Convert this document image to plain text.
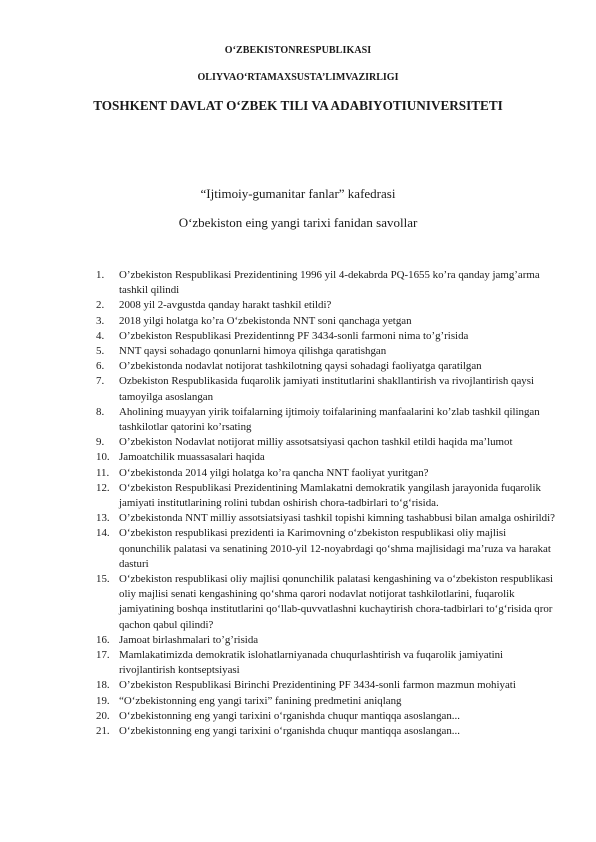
O‘ZBEKISTONRESPUBLIKASI
OLIYVAO‘RTAMAXSUSTA’LIMVAZIRLIGI
TOSHKENT DAVLAT O‘ZBEK TILI VA ADABIYOTIUNIVERSITETI
“Ijtimoiy-gumanitar fanlar” kafedrasi
O‘zbekiston eing yangi tarixi fanidan savollar
1.	O’zbekiston Respublikasi Prezidentining 1996 yil 4-dekabrda PQ-1655 ko’ra qanday jamg’arma tashkil qilindi
2.	2008 yil 2-avgustda qanday harakt tashkil etildi?
3.	2018 yilgi holatga ko’ra O‘zbekistonda NNT soni qanchaga yetgan
4.	O’zbekiston Respublikasi Prezidentinng PF 3434-sonli farmoni nima to’g’risida
5.	NNT qaysi sohadago qonunlarni himoya qilishga qaratishgan
6.	O’zbekistonda nodavlat notijorat tashkilotning qaysi sohadagi faoliyatga qaratilgan
7.	Ozbekiston Respublikasida fuqarolik jamiyati institutlarini shakllantirish va rivojlantirish qaysi tamoyilga asoslangan
8.	Aholining muayyan yirik toifalarning ijtimoiy toifalarining manfaalarini ko’zlab tashkil qilingan tashkilotlar qatorini ko’rsating
9.	O’zbekiston Nodavlat notijorat milliy assotsatsiyasi qachon tashkil etildi haqida ma’lumot
10. Jamoatchilik muassasalari haqida
11. O‘zbekistonda 2014 yilgi holatga ko’ra qancha NNT faoliyat yuritgan?
12. O‘zbekiston Respublikasi Prezidentining Mamlakatni demokratik yangilash jarayonida fuqarolik jamiyati institutlarining rolini tubdan oshirish chora-tadbirlari to‘g‘risida.
13. O’zbekistonda NNT milliy assotsiatsiyasi tashkil topishi kimning tashabbusi bilan amalga oshirildi?
14. O‘zbekiston respublikasi prezidenti ia Karimovning o‘zbekiston respublikasi oliy majlisi qonunchilik palatasi va senatining 2010-yil 12-noyabrdagi qo‘shma majlisidagi ma’ruza va harakat dasturi
15. O‘zbekiston respublikasi oliy majlisi qonunchilik palatasi kengashining va o‘zbekiston respublikasi oliy majlisi senati kengashining qo‘shma qarori nodavlat notijorat tashkilotlarini, fuqarolik jamiyatining boshqa institutlarini qo‘llab-quvvatlashni kuchaytirish chora-tadbirlari to‘g‘risida qror qachon qabul qilindi?
16. Jamoat birlashmalari to’g’risida
17. Mamlakatimizda demokratik islohatlarniyanada chuqurlashtirish va fuqarolik jamiyatini rivojlantirish kontseptsiyasi
18. O’zbekiston Respublikasi Birinchi Prezidentining PF 3434-sonli farmon mazmun mohiyati
19. “O‘zbekistonning eng yangi tarixi” fanining predmetini aniqlang
20. O‘zbekistonning eng yangi tarixini o‘rganishda chuqur mantiqqa asoslangan...
21. O‘zbekistonning eng yangi tarixini o‘rganishda chuqur mantiqqa asoslangan...
